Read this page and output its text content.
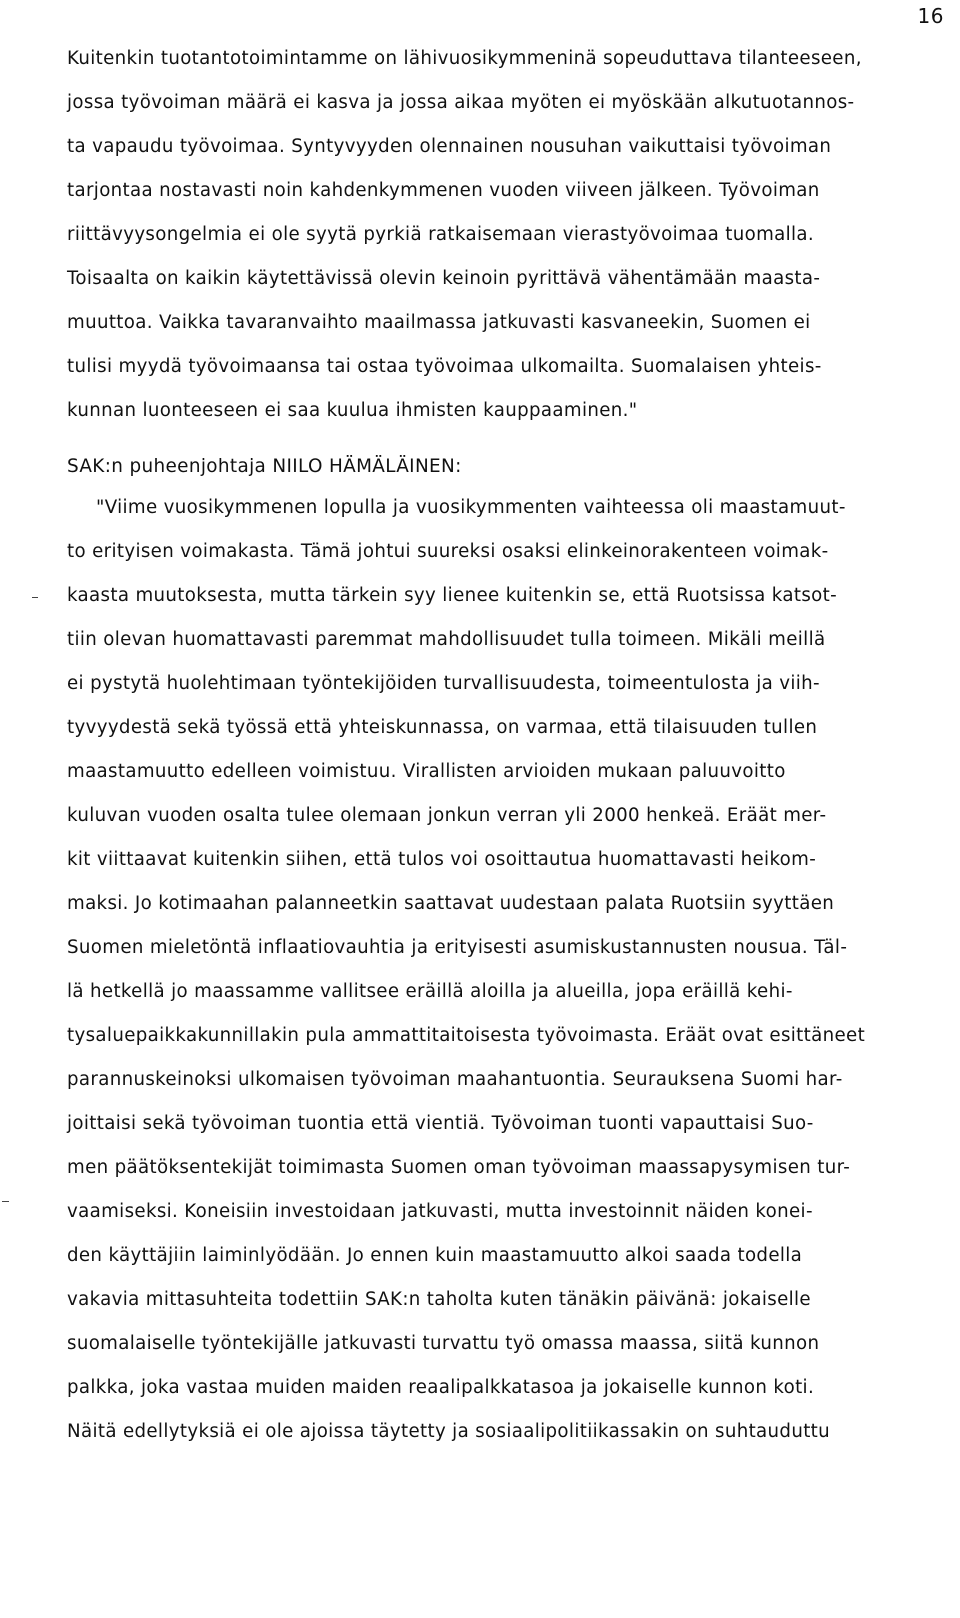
16
Kuitenkin tuotantotoimintamme on lähivuosikymmeninä sopeuduttava tilanteeseen,
jossa työvoiman määrä ei kasva ja jossa aikaa myöten ei myöskään alkutuotannos-
ta vapaudu työvoimaa. Syntyvyyden olennainen nousuhan vaikuttaisi työvoiman
tarjontaa nostavasti noin kahdenkymmenen vuoden viiveen jälkeen. Työvoiman
riittävyysongelmia ei ole syytä pyrkiä ratkaisemaan vierastyövoimaa tuomalla.
Toisaalta on kaikin käytettävissä olevin keinoin pyrittävä vähentämään maasta-
muuttoa. Vaikka tavaranvaihto maailmassa jatkuvasti kasvaneekin, Suomen ei
tulisi myydä työvoimaansa tai ostaa työvoimaa ulkomailta. Suomalaisen yhteis-
kunnan luonteeseen ei saa kuulua ihmisten kauppaaminen."
SAK:n puheenjohtaja NIILO HÄMÄLÄINEN:
"Viime vuosikymmenen lopulla ja vuosikymmenten vaihteessa oli maastamuut-
to erityisen voimakasta. Tämä johtui suureksi osaksi elinkeinorakenteen voimak-
kaasta muutoksesta, mutta tärkein syy lienee kuitenkin se, että Ruotsissa katsot-
tiin olevan huomattavasti paremmat mahdollisuudet tulla toimeen. Mikäli meillä
ei pystytä huolehtimaan työntekijöiden turvallisuudesta, toimeentulosta ja viih-
tyvyydestä sekä työssä että yhteiskunnassa, on varmaa, että tilaisuuden tullen
maastamuutto edelleen voimistuu. Virallisten arvioiden mukaan paluuvoitto
kuluvan vuoden osalta tulee olemaan jonkun verran yli 2000 henkeä. Eräät mer-
kit viittaavat kuitenkin siihen, että tulos voi osoittautua huomattavasti heikom-
maksi. Jo kotimaahan palanneetkin saattavat uudestaan palata Ruotsiin syyttäen
Suomen mieletöntä inflaatiovauhtia ja erityisesti asumiskustannusten nousua. Täl-
lä hetkellä jo maassamme vallitsee eräillä aloilla ja alueilla, jopa eräillä kehi-
tysaluepaikkakunnillakin pula ammattitaitoisesta työvoimasta. Eräät ovat esittäneet
parannuskeinoksi ulkomaisen työvoiman maahantuontia. Seurauksena Suomi har-
joittaisi sekä työvoiman tuontia että vientiä. Työvoiman tuonti vapauttaisi Suo-
men päätöksentekijät toimimasta Suomen oman työvoiman maassapysymisen tur-
vaamiseksi. Koneisiin investoidaan jatkuvasti, mutta investoinnit näiden konei-
den käyttäjiin laiminlyödään. Jo ennen kuin maastamuutto alkoi saada todella
vakavia mittasuhteita todettiin SAK:n taholta kuten tänäkin päivänä: jokaiselle
suomalaiselle työntekijälle jatkuvasti turvattu työ omassa maassa, siitä kunnon
palkka, joka vastaa muiden maiden reaalipalkkatasoa ja jokaiselle kunnon koti.
Näitä edellytyksiä ei ole ajoissa täytetty ja sosiaalipolitiikassakin on suhtauduttu
